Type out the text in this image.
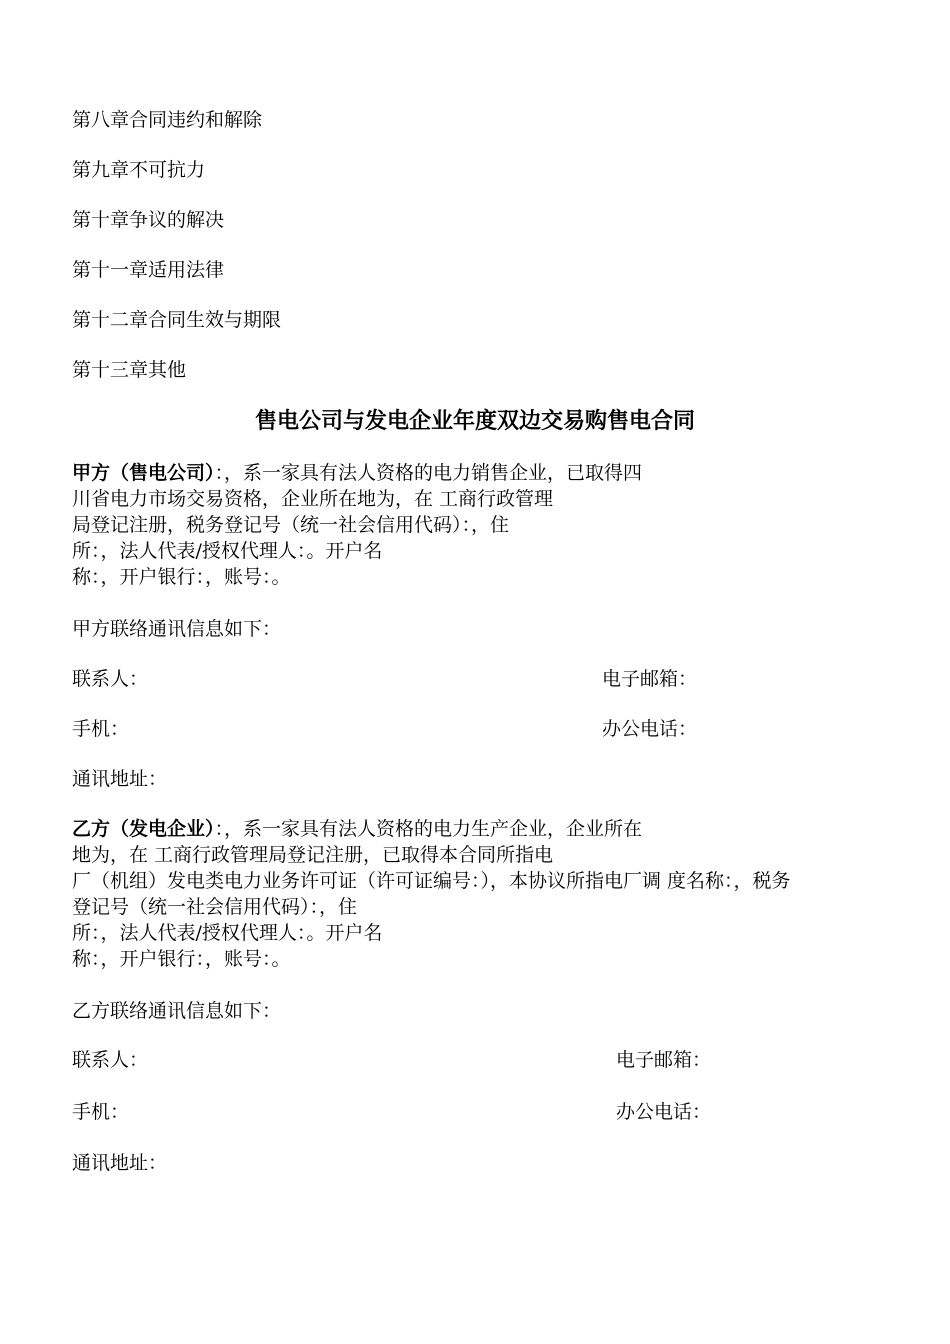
第八章合同违约和解除
第九章不可抗力
第十章争议的解决
第十一章适用法律
第十二章合同生效与期限
第十三章其他
售电公司与发电企业年度双边交易购售电合同
甲方（售电公司）：，系一家具有法人资格的电力销售企业，已取得四
川省电力市场交易资格，企业所在地为，在 工商行政管理
局登记注册，税务登记号（统一社会信用代码）：，住
所：，法人代表/授权代理人：。开户名
称：，开户银行：，账号：。
甲方联络通讯信息如下：
联系人：	电子邮箱：
手机：	办公电话：
通讯地址：
乙方（发电企业）：，系一家具有法人资格的电力生产企业，企业所在
地为，在 工商行政管理局登记注册，已取得本合同所指电
厂（机组）发电类电力业务许可证（许可证编号：），本协议所指电厂调 度名称：，税务
登记号（统一社会信用代码）：，住
所：，法人代表/授权代理人：。开户名
称：，开户银行：，账号：。
乙方联络通讯信息如下：
联系人：	电子邮箱：
手机：	办公电话：
通讯地址：
